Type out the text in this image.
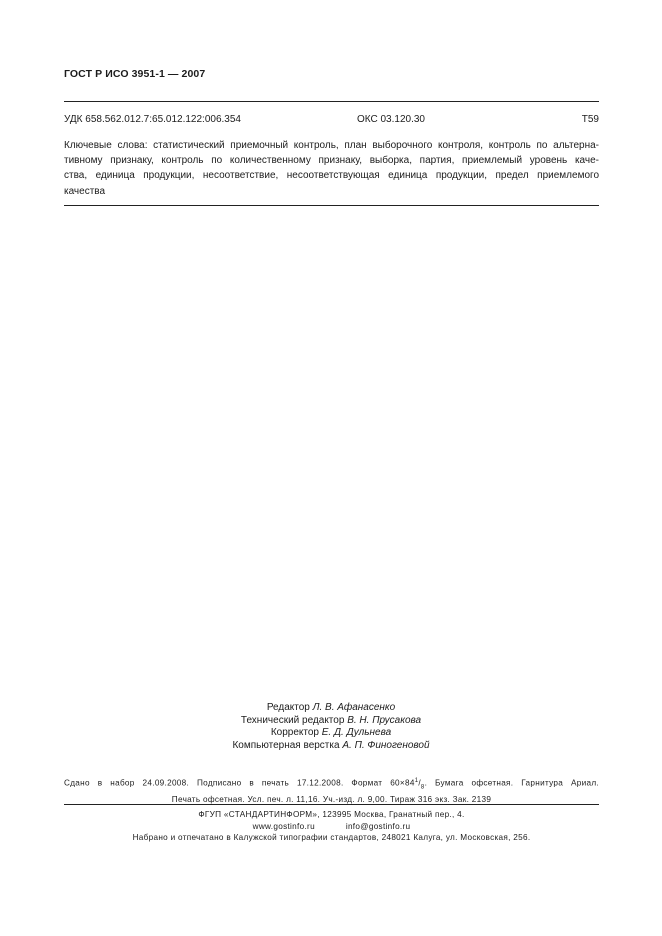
ГОСТ Р ИСО 3951-1 — 2007
УДК 658.562.012.7:65.012.122:006.354	ОКС 03.120.30	Т59
Ключевые слова: статистический приемочный контроль, план выборочного контроля, контроль по альтерна-
тивному признаку, контроль по количественному признаку, выборка, партия, приемлемый уровень каче-
ства, единица продукции, несоответствие, несоответствующая единица продукции, предел приемлемого
качества
Редактор Л. В. Афанасенко
Технический редактор В. Н. Прусакова
Корректор Е. Д. Дульнева
Компьютерная верстка А. П. Финогеновой
Сдано в набор 24.09.2008. Подписано в печать 17.12.2008. Формат $60\times 84^1/_8$. Бумага офсетная. Гарнитура Ариал.
Печать офсетная. Усл. печ. л. 11,16. Уч.-изд. л. 9,00. Тираж 316 экз. Зак. 2139
ФГУП «СТАНДАРТИНФОРМ», 123995 Москва, Гранатный пер., 4.
www.gostinfo.ru	info@gostinfo.ru
Набрано и отпечатано в Калужской типографии стандартов, 248021 Калуга, ул. Московская, 256.
